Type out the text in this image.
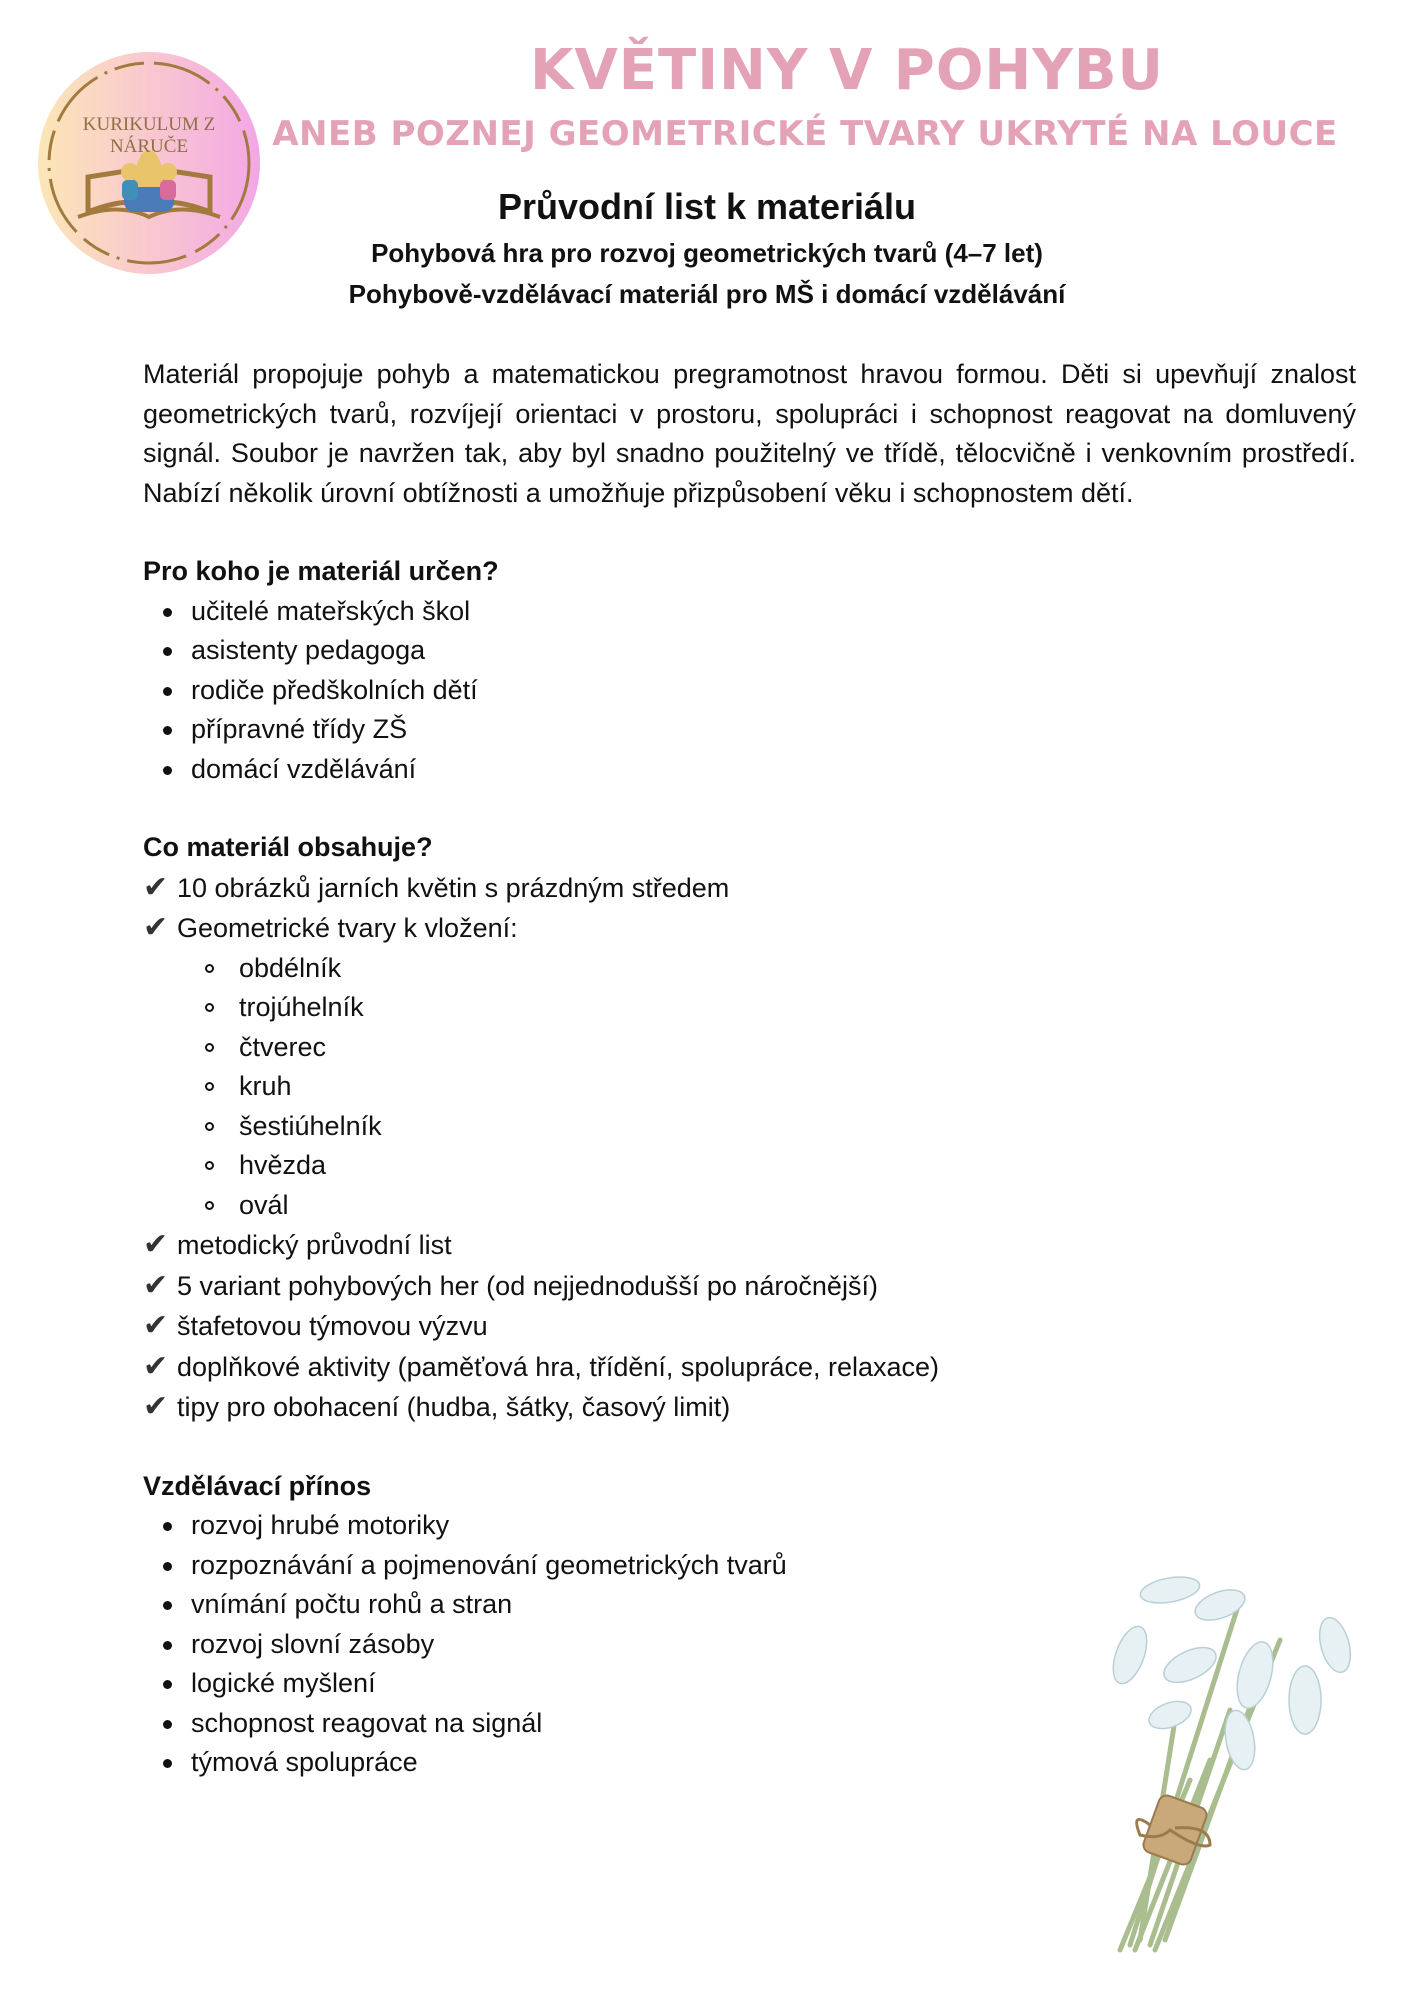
KURIKULUM Z
NÁRUČE
KVĚTINY V POHYBU
ANEB POZNEJ GEOMETRICKÉ TVARY UKRYTÉ NA LOUCE
Průvodní list k materiálu
Pohybová hra pro rozvoj geometrických tvarů (4–7 let)
Pohybově-vzdělávací materiál pro MŠ i domácí vzdělávání

Materiál propojuje pohyb a matematickou pregramotnost hravou formou. Děti si upevňují znalost geometrických tvarů, rozvíjejí orientaci v prostoru, spolupráci i schopnost reagovat na domluvený signál. Soubor je navržen tak, aby byl snadno použitelný ve třídě, tělocvičně i venkovním prostředí. Nabízí několik úrovní obtížnosti a umožňuje přizpůsobení věku i schopnostem dětí.

Pro koho je materiál určen?
učitelé mateřských škol
asistenty pedagoga
rodiče předškolních dětí
přípravné třídy ZŠ
domácí vzdělávání
Co materiál obsahuje?
✔ 10 obrázků jarních květin s prázdným středem
✔ Geometrické tvary k vložení:
obdélník
trojúhelník
čtverec
kruh
šestiúhelník
hvězda
ovál
✔ metodický průvodní list
✔ 5 variant pohybových her (od nejjednodušší po náročnější)
✔ štafetovou týmovou výzvu
✔ doplňkové aktivity (paměťová hra, třídění, spolupráce, relaxace)
✔ tipy pro obohacení (hudba, šátky, časový limit)
Vzdělávací přínos
rozvoj hrubé motoriky
rozpoznávání a pojmenování geometrických tvarů
vnímání počtu rohů a stran
rozvoj slovní zásoby
logické myšlení
schopnost reagovat na signál
týmová spolupráce
